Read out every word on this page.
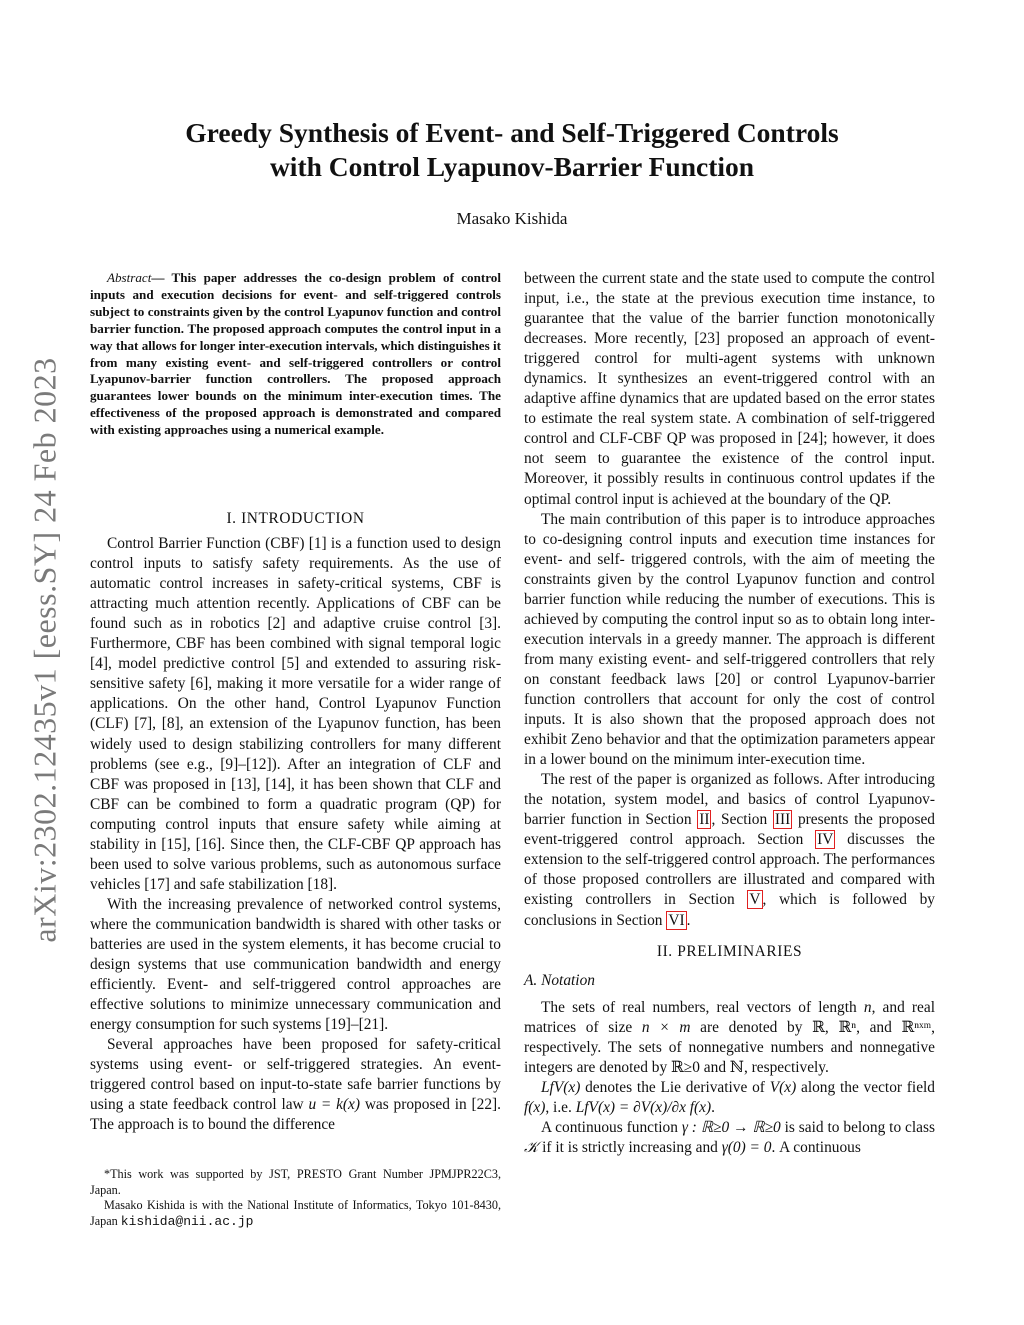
arXiv:2302.12435v1 [eess.SY] 24 Feb 2023
Greedy Synthesis of Event- and Self-Triggered Controls
with Control Lyapunov-Barrier Function
Masako Kishida
Abstract— This paper addresses the co-design problem of control inputs and execution decisions for event- and self-triggered controls subject to constraints given by the control Lyapunov function and control barrier function. The proposed approach computes the control input in a way that allows for longer inter-execution intervals, which distinguishes it from many existing event- and self-triggered controllers or control Lyapunov-barrier function controllers. The proposed approach guarantees lower bounds on the minimum inter-execution times. The effectiveness of the proposed approach is demonstrated and compared with existing approaches using a numerical example.

I. INTRODUCTION

Control Barrier Function (CBF) [1] is a function used to design control inputs to satisfy safety requirements. As the use of automatic control increases in safety-critical systems, CBF is attracting much attention recently. Applications of CBF can be found such as in robotics [2] and adaptive cruise control [3]. Furthermore, CBF has been combined with signal temporal logic [4], model predictive control [5] and extended to assuring risk-sensitive safety [6], making it more versatile for a wider range of applications. On the other hand, Control Lyapunov Function (CLF) [7], [8], an extension of the Lyapunov function, has been widely used to design stabilizing controllers for many different problems (see e.g., [9]–[12]). After an integration of CLF and CBF was proposed in [13], [14], it has been shown that CLF and CBF can be combined to form a quadratic program (QP) for computing control inputs that ensure safety while aiming at stability in [15], [16]. Since then, the CLF-CBF QP approach has been used to solve various problems, such as autonomous surface vehicles [17] and safe stabilization [18].

With the increasing prevalence of networked control systems, where the communication bandwidth is shared with other tasks or batteries are used in the system elements, it has become crucial to design systems that use communication bandwidth and energy efficiently. Event- and self-triggered control approaches are effective solutions to minimize unnecessary communication and energy consumption for such systems [19]–[21].

Several approaches have been proposed for safety-critical systems using event- or self-triggered strategies. An event-triggered control based on input-to-state safe barrier functions by using a state feedback control law u = k(x) was proposed in [22]. The approach is to bound the difference

*This work was supported by JST, PRESTO Grant Number JPMJPR22C3, Japan.

Masako Kishida is with the National Institute of Informatics, Tokyo 101-8430, Japan kishida@nii.ac.jp

between the current state and the state used to compute the control input, i.e., the state at the previous execution time instance, to guarantee that the value of the barrier function monotonically decreases. More recently, [23] proposed an approach of event-triggered control for multi-agent systems with unknown dynamics. It synthesizes an event-triggered control with an adaptive affine dynamics that are updated based on the error states to estimate the real system state. A combination of self-triggered control and CLF-CBF QP was proposed in [24]; however, it does not seem to guarantee the existence of the control input. Moreover, it possibly results in continuous control updates if the optimal control input is achieved at the boundary of the QP.

The main contribution of this paper is to introduce approaches to co-designing control inputs and execution time instances for event- and self- triggered controls, with the aim of meeting the constraints given by the control Lyapunov function and control barrier function while reducing the number of executions. This is achieved by computing the control input so as to obtain long inter-execution intervals in a greedy manner. The approach is different from many existing event- and self-triggered controllers that rely on constant feedback laws [20] or control Lyapunov-barrier function controllers that account for only the cost of control inputs. It is also shown that the proposed approach does not exhibit Zeno behavior and that the optimization parameters appear in a lower bound on the minimum inter-execution time.

The rest of the paper is organized as follows. After introducing the notation, system model, and basics of control Lyapunov-barrier function in Section II , Section III presents the proposed event-triggered control approach. Section IV discusses the extension to the self-triggered control approach. The performances of those proposed controllers are illustrated and compared with existing controllers in Section V , which is followed by conclusions in Section VI .

II. PRELIMINARIES

A. Notation

The sets of real numbers, real vectors of length n, and real matrices of size n × m are denoted by ℝ, ℝⁿ, and ℝⁿˣᵐ, respectively. The sets of nonnegative numbers and nonnegative integers are denoted by ℝ≥0 and ℕ, respectively.

LfV(x) denotes the Lie derivative of V(x) along the vector field f(x), i.e. LfV(x) = ∂V(x)/∂x f(x).

A continuous function γ : ℝ≥0 → ℝ≥0 is said to belong to class 𝒦 if it is strictly increasing and γ(0) = 0. A continuous
